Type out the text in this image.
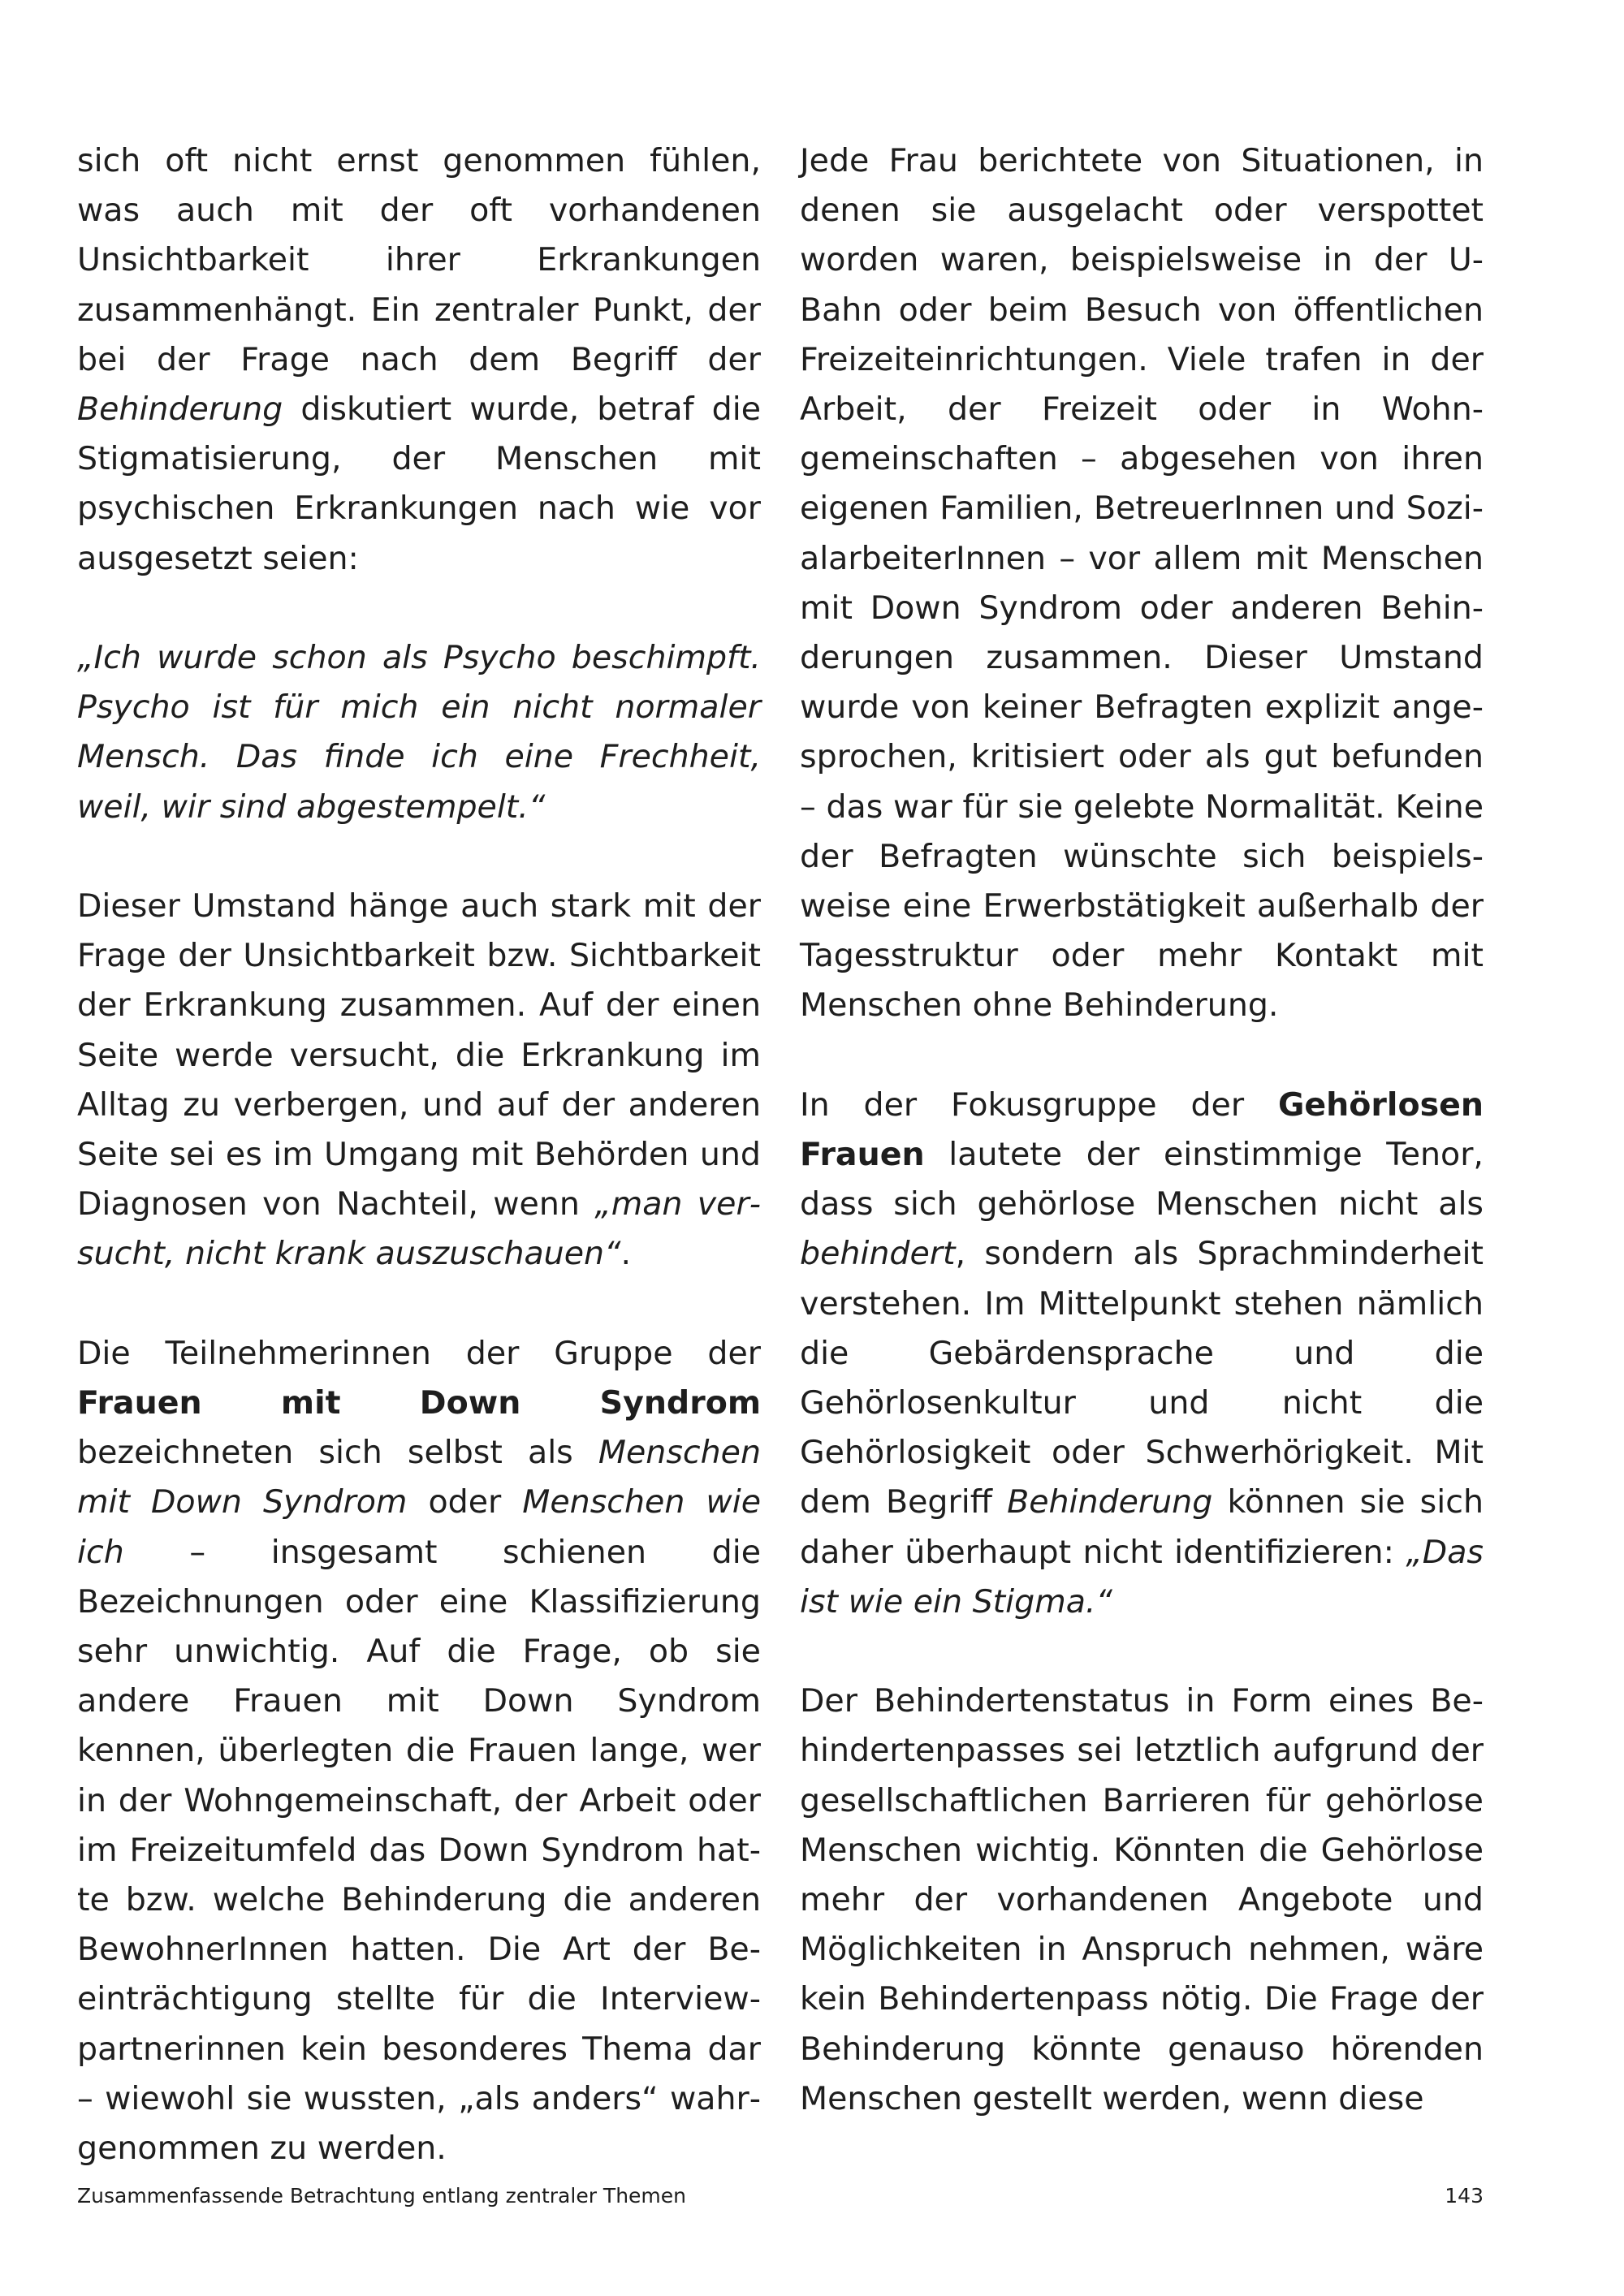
sich oft nicht ernst genommen fühlen, was auch mit der oft vorhandenen Unsichtbarkeit ihrer Erkrankungen zusammenhängt. Ein zentraler Punkt, der bei der Frage nach dem Begriff der Behinderung diskutiert wurde, betraf die Stigmatisierung, der Menschen mit psychischen Erkrankungen nach wie vor ausgesetzt seien:

„Ich wurde schon als Psycho beschimpft. Psycho ist für mich ein nicht normaler Mensch. Das finde ich eine Frechheit, weil, wir sind abgestempelt.“

Dieser Umstand hänge auch stark mit der Frage der Unsichtbarkeit bzw. Sichtbarkeit der Erkrankung zusammen. Auf der einen Seite werde versucht, die Erkrankung im Alltag zu verbergen, und auf der anderen Seite sei es im Umgang mit Behörden und Diagnosen von Nachteil, wenn „man versucht, nicht krank auszuschauen“.

Die Teilnehmerinnen der Gruppe der Frauen mit Down Syndrom bezeichneten sich selbst als Menschen mit Down Syndrom oder Menschen wie ich – insgesamt schienen die Bezeichnungen oder eine Klassifizierung sehr unwichtig. Auf die Frage, ob sie andere Frauen mit Down Syndrom kennen, überlegten die Frauen lange, wer in der Wohngemeinschaft, der Arbeit oder im Freizeitumfeld das Down Syndrom hatte bzw. welche Behinderung die anderen BewohnerInnen hatten. Die Art der Beeinträchtigung stellte für die Interviewpartnerinnen kein besonderes Thema dar – wiewohl sie wussten, „als anders“ wahrgenommen zu werden.

Jede Frau berichtete von Situationen, in denen sie ausgelacht oder verspottet worden waren, beispielsweise in der U-Bahn oder beim Besuch von öffentlichen Freizeiteinrichtungen. Viele trafen in der Arbeit, der Freizeit oder in Wohngemeinschaften – abgesehen von ihren eigenen Familien, BetreuerInnen und SozialarbeiterInnen – vor allem mit Menschen mit Down Syndrom oder anderen Behinderungen zusammen. Dieser Umstand wurde von keiner Befragten explizit angesprochen, kritisiert oder als gut befunden – das war für sie gelebte Normalität. Keine der Befragten wünschte sich beispielsweise eine Erwerbstätigkeit außerhalb der Tagesstruktur oder mehr Kontakt mit Menschen ohne Behinderung.

In der Fokusgruppe der Gehörlosen Frauen lautete der einstimmige Tenor, dass sich gehörlose Menschen nicht als behindert, sondern als Sprachminderheit verstehen. Im Mittelpunkt stehen nämlich die Gebärdensprache und die Gehörlosenkultur und nicht die Gehörlosigkeit oder Schwerhörigkeit. Mit dem Begriff Behinderung können sie sich daher überhaupt nicht identifizieren: „Das ist wie ein Stigma.“

Der Behindertenstatus in Form eines Behindertenpasses sei letztlich aufgrund der gesellschaftlichen Barrieren für gehörlose Menschen wichtig. Könnten die Gehörlose mehr der vorhandenen Angebote und Möglichkeiten in Anspruch nehmen, wäre kein Behindertenpass nötig. Die Frage der Behinderung könnte genauso hörenden Menschen gestellt werden, wenn diese

Zusammenfassende Betrachtung entlang zentraler Themen	143
